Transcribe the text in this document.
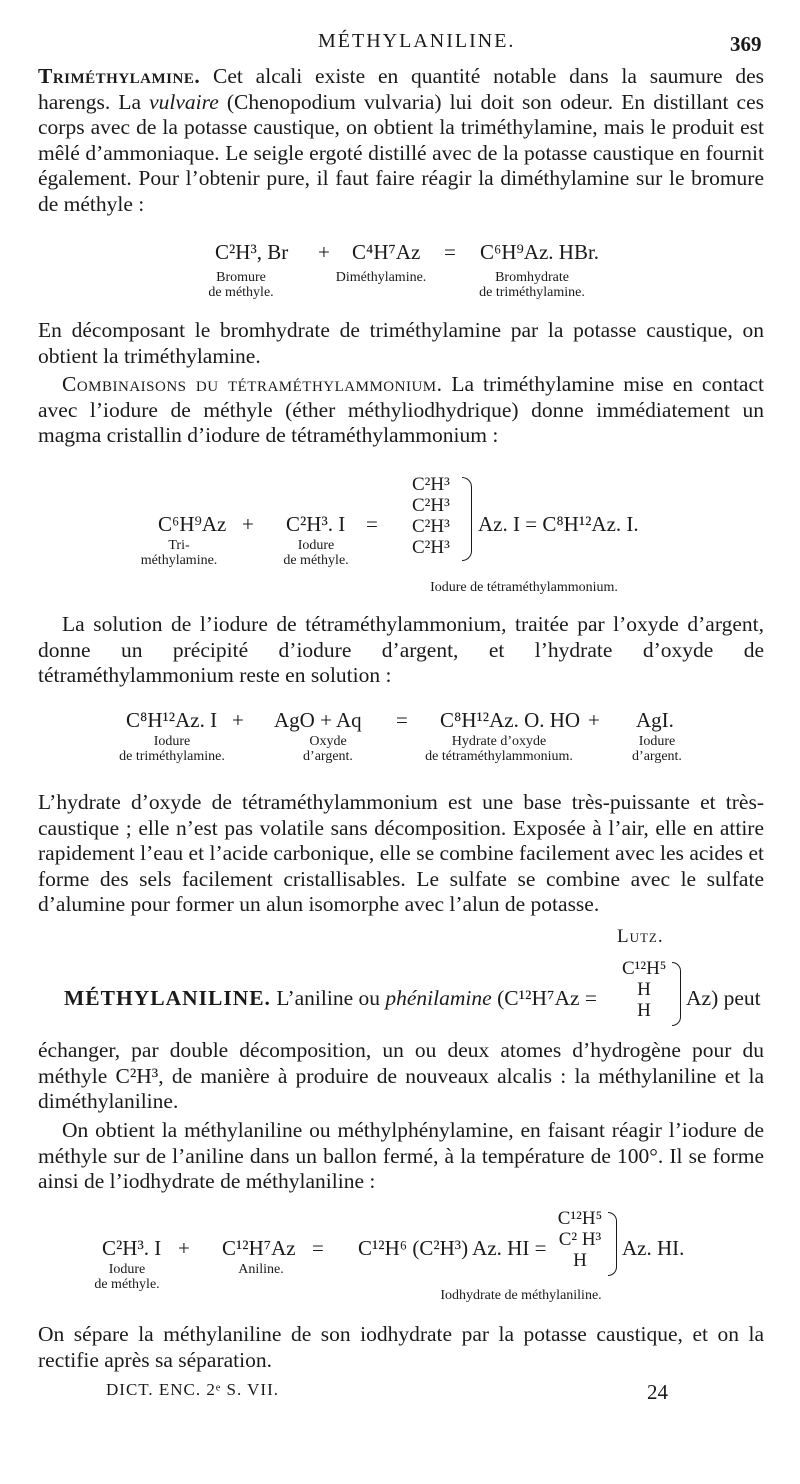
MÉTHYLANILINE.	369

Triméthylamine. Cet alcali existe en quantité notable dans la saumure des harengs. La vulvaire (Chenopodium vulvaria) lui doit son odeur. En distillant ces corps avec de la potasse caustique, on obtient la triméthylamine, mais le produit est mêlé d’ammoniaque. Le seigle ergoté distillé avec de la potasse caustique en fournit également. Pour l’obtenir pure, il faut faire réagir la diméthylamine sur le bromure de méthyle :

C²H³, Br + C⁴H⁷Az = C⁶H⁹Az. HBr.
Bromure
de méthyle.
Diméthylamine.	Bromhydrate
de triméthylamine.

En décomposant le bromhydrate de triméthylamine par la potasse caustique, on obtient la triméthylamine.

Combinaisons du tétraméthylammonium. La triméthylamine mise en contact avec l’iodure de méthyle (éther méthyliodhydrique) donne immédiatement un magma cristallin d’iodure de tétraméthylammonium :

C⁶H⁹Az + C²H³. I =
C²H³
C²H³
C²H³
C²H³
Az. I = C⁸H¹²Az. I.
Tri-
méthylamine.
Iodure
de méthyle.
Iodure de tétraméthylammonium.

La solution de l’iodure de tétraméthylammonium, traitée par l’oxyde d’argent, donne un précipité d’iodure d’argent, et l’hydrate d’oxyde de tétraméthylammonium reste en solution :

C⁸H¹²Az. I + AgO + Aq = C⁸H¹²Az. O. HO + AgI.
Iodure
de triméthylamine.
Oxyde
d’argent.
Hydrate d’oxyde
de tétraméthylammonium.
Iodure
d’argent.

L’hydrate d’oxyde de tétraméthylammonium est une base très-puissante et très-caustique ; elle n’est pas volatile sans décomposition. Exposée à l’air, elle en attire rapidement l’eau et l’acide carbonique, elle se combine facilement avec les acides et forme des sels facilement cristallisables. Le sulfate se combine avec le sulfate d’alumine pour former un alun isomorphe avec l’alun de potasse.

Lutz.
C¹²H⁵
H
H
MÉTHYLANILINE. L’aniline ou phénilamine (C¹²H⁷Az =	Az) peut

échanger, par double décomposition, un ou deux atomes d’hydrogène pour du méthyle C²H³, de manière à produire de nouveaux alcalis : la méthylaniline et la diméthylaniline.

On obtient la méthylaniline ou méthylphénylamine, en faisant réagir l’iodure de méthyle sur de l’aniline dans un ballon fermé, à la température de 100°. Il se forme ainsi de l’iodhydrate de méthylaniline :

C²H³. I + C¹²H⁷Az = C¹²H⁶ (C²H³) Az. HI =
C¹²H⁵
C² H³
H
Az. HI.
Iodure
de méthyle.
Aniline.
Iodhydrate de méthylaniline.

On sépare la méthylaniline de son iodhydrate par la potasse caustique, et on la rectifie après sa séparation.

DICT. ENC. 2ᵉ S. VII.	24
